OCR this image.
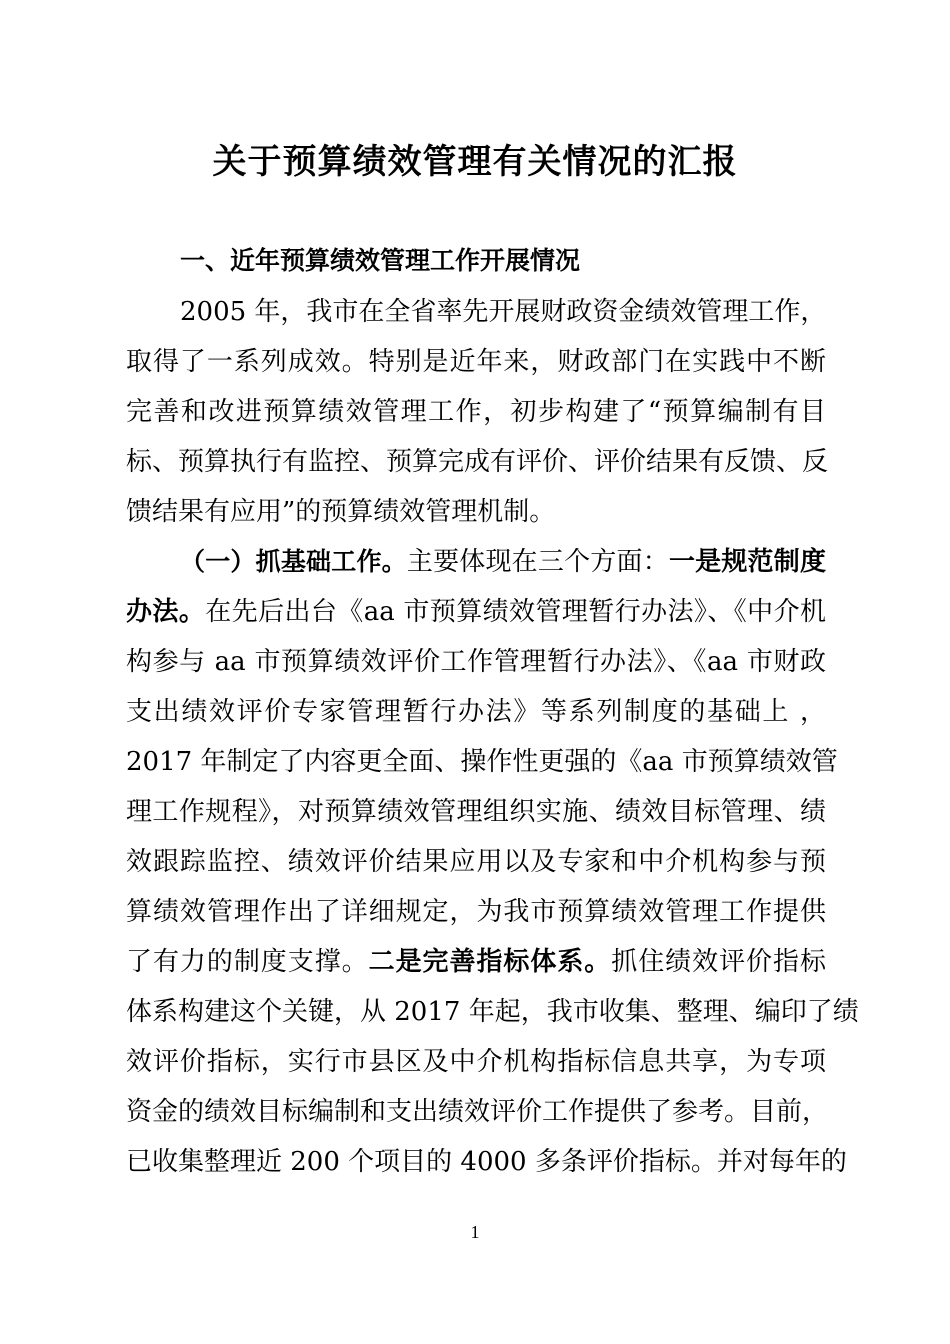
关于预算绩效管理有关情况的汇报
一、近年预算绩效管理工作开展情况
2005 年，我市在全省率先开展财政资金绩效管理工作，
取得了一系列成效。特别是近年来，财政部门在实践中不断
完善和改进预算绩效管理工作，初步构建了“预算编制有目
标、预算执行有监控、预算完成有评价、评价结果有反馈、反
馈结果有应用”的预算绩效管理机制。
（一）抓基础工作。主要体现在三个方面：一是规范制度
办法。在先后出台《aa 市预算绩效管理暂行办法》、《中介机
构参与 aa 市预算绩效评价工作管理暂行办法》、《aa 市财政
支出绩效评价专家管理暂行办法》等系列制度的基础上 ，
2017 年制定了内容更全面、操作性更强的《aa 市预算绩效管
理工作规程》，对预算绩效管理组织实施、绩效目标管理、绩
效跟踪监控、绩效评价结果应用以及专家和中介机构参与预
算绩效管理作出了详细规定，为我市预算绩效管理工作提供
了有力的制度支撑。二是完善指标体系。抓住绩效评价指标
体系构建这个关键，从 2017 年起，我市收集、整理、编印了绩
效评价指标，实行市县区及中介机构指标信息共享，为专项
资金的绩效目标编制和支出绩效评价工作提供了参考。目前，
已收集整理近 200 个项目的 4000 多条评价指标。并对每年的
1
